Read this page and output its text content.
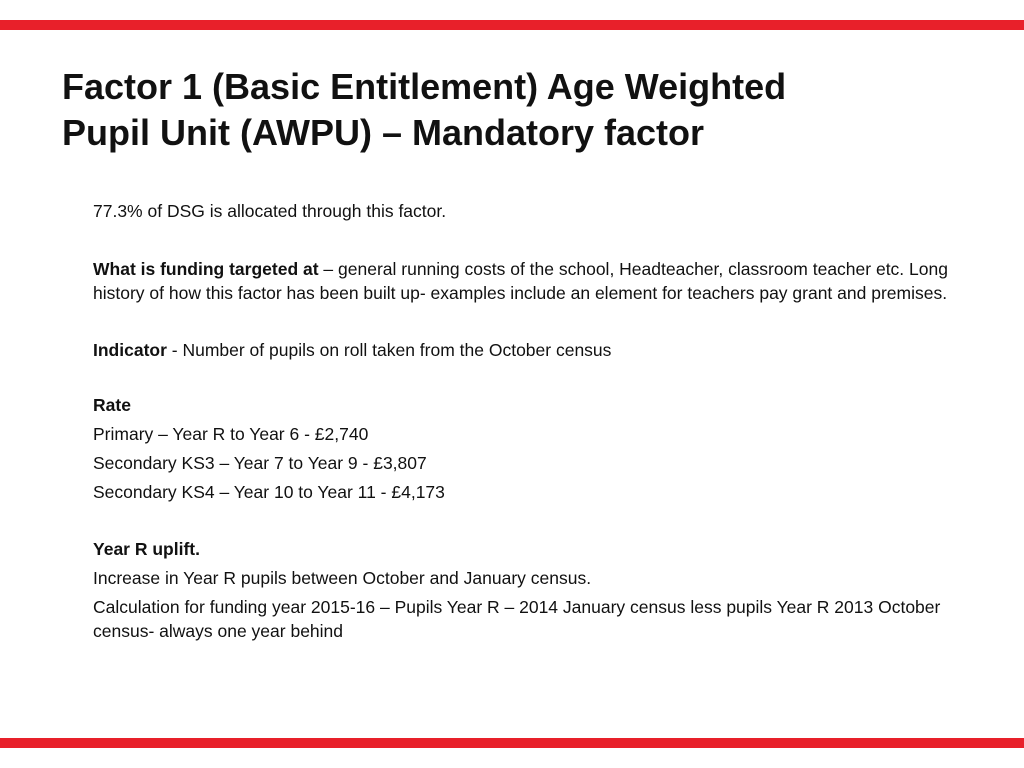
Factor 1 (Basic Entitlement) Age Weighted
Pupil Unit (AWPU) – Mandatory factor

77.3% of DSG is allocated through this factor.

What is funding targeted at – general running costs of the school, Headteacher, classroom teacher etc. Long history of how this factor has been built up- examples include an element for teachers pay grant and premises.

Indicator - Number of pupils on roll taken from the October census

Rate

Primary – Year R to Year 6 - £2,740

Secondary KS3 – Year 7 to Year 9 - £3,807

Secondary KS4 – Year 10 to Year 11 - £4,173

Year R uplift.

Increase in Year R pupils between October and January census.

Calculation for funding year 2015-16 – Pupils Year R – 2014 January census less pupils Year R 2013 October census- always one year behind
